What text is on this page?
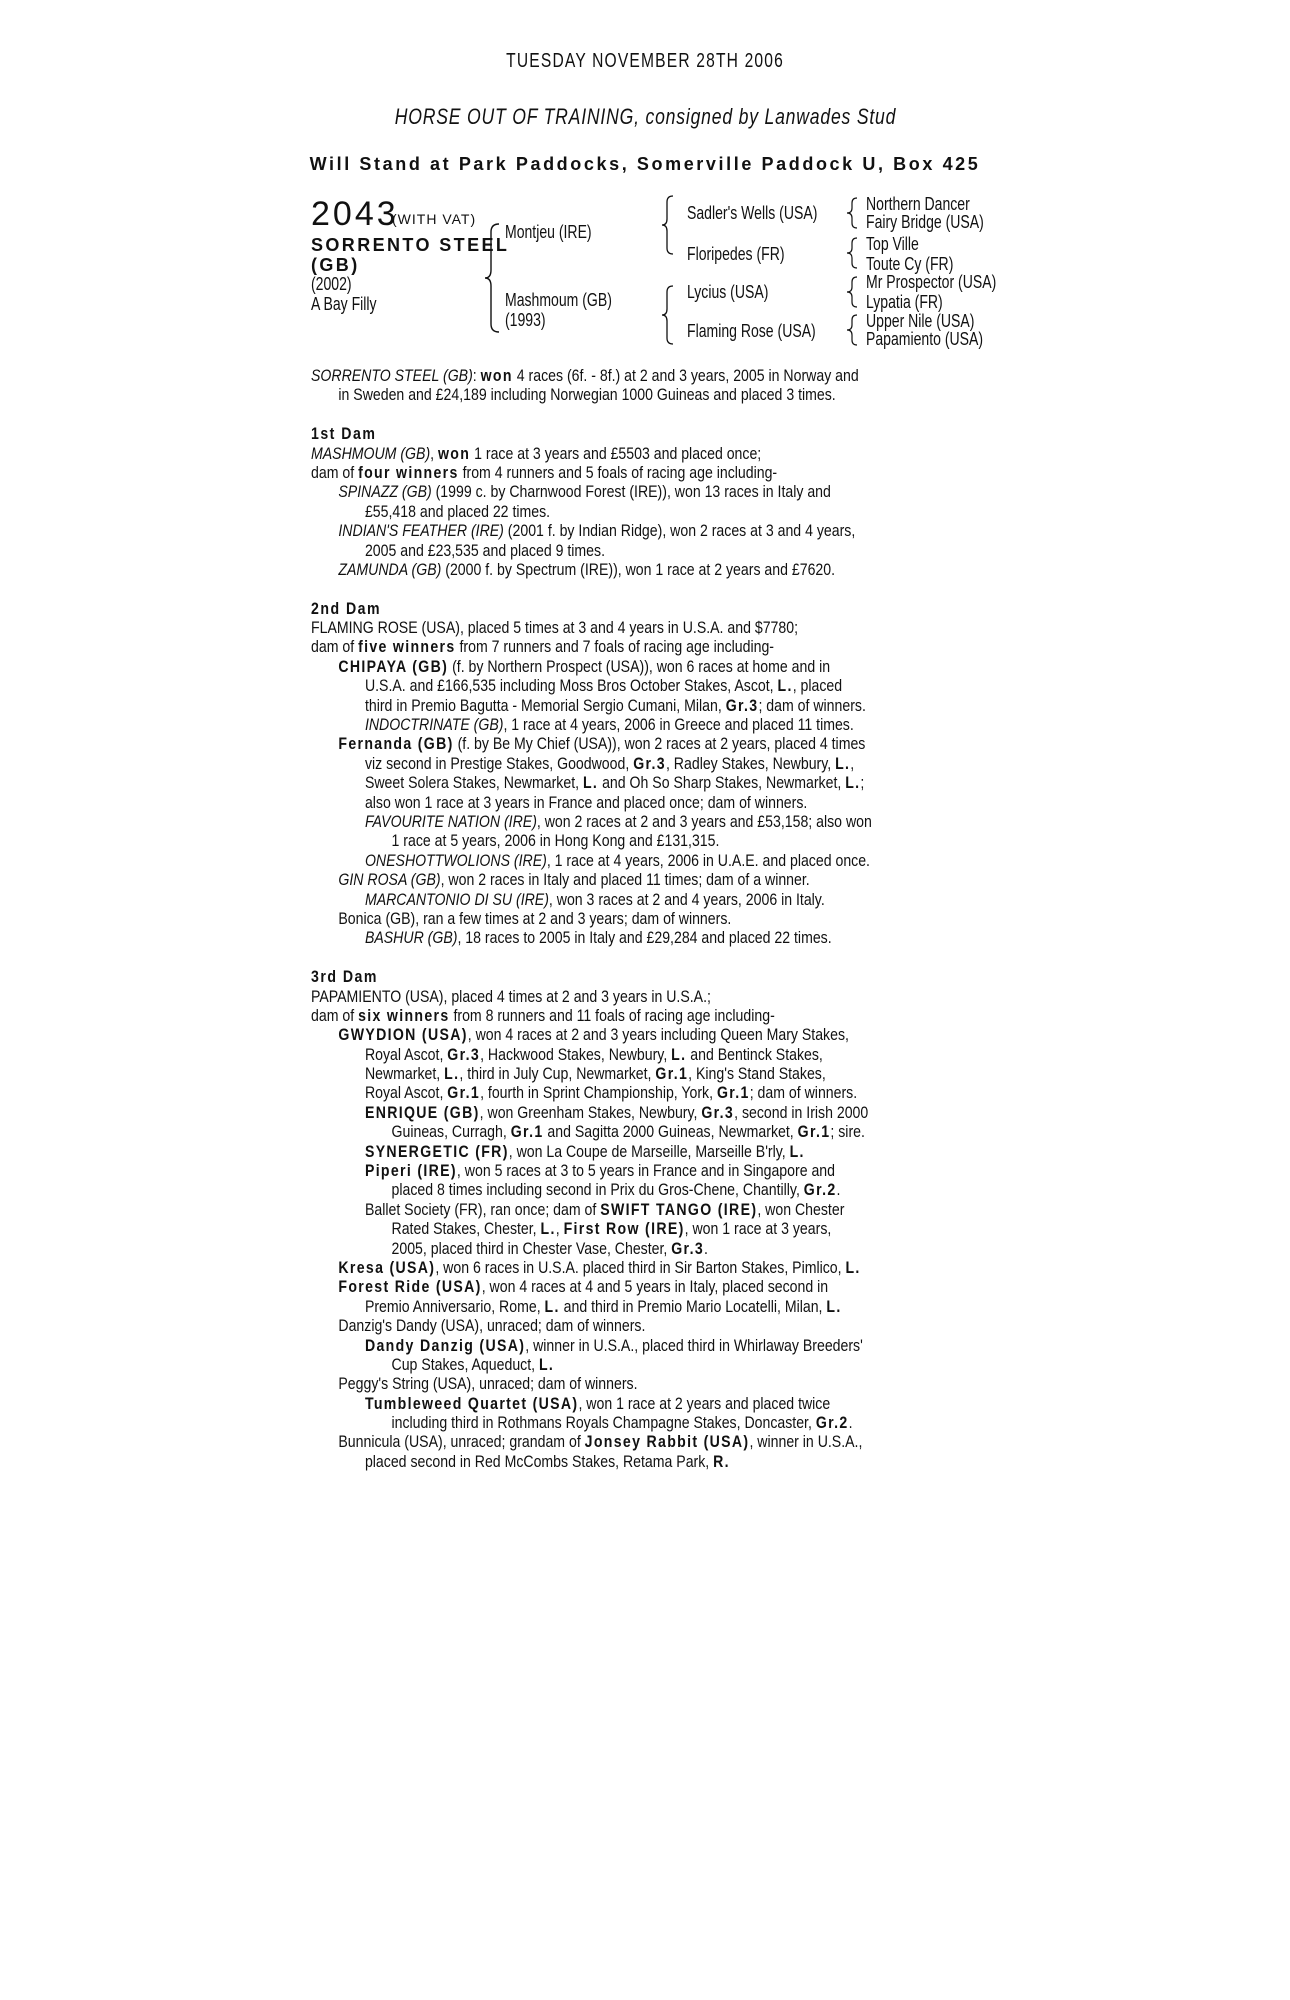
TUESDAY NOVEMBER 28TH 2006
HORSE OUT OF TRAINING, consigned by Lanwades Stud
Will Stand at Park Paddocks, Somerville Paddock U, Box 425
2043
(WITH VAT)
SORRENTO STEEL
(GB)
(2002)
A Bay Filly
Montjeu (IRE)
Mashmoum (GB)
(1993)
Sadler's Wells (USA)
Floripedes (FR)
Lycius (USA)
Flaming Rose (USA)
Northern Dancer
Fairy Bridge (USA)
Top Ville
Toute Cy (FR)
Mr Prospector (USA)
Lypatia (FR)
Upper Nile (USA)
Papamiento (USA)
SORRENTO STEEL (GB): won 4 races (6f. - 8f.) at 2 and 3 years, 2005 in Norway and
in Sweden and £24,189 including Norwegian 1000 Guineas and placed 3 times.
1st Dam
MASHMOUM (GB), won 1 race at 3 years and £5503 and placed once;
dam of four winners from 4 runners and 5 foals of racing age including-
SPINAZZ (GB) (1999 c. by Charnwood Forest (IRE)), won 13 races in Italy and
£55,418 and placed 22 times.
INDIAN'S FEATHER (IRE) (2001 f. by Indian Ridge), won 2 races at 3 and 4 years,
2005 and £23,535 and placed 9 times.
ZAMUNDA (GB) (2000 f. by Spectrum (IRE)), won 1 race at 2 years and £7620.
2nd Dam
FLAMING ROSE (USA), placed 5 times at 3 and 4 years in U.S.A. and $7780;
dam of five winners from 7 runners and 7 foals of racing age including-
CHIPAYA (GB) (f. by Northern Prospect (USA)), won 6 races at home and in
U.S.A. and £166,535 including Moss Bros October Stakes, Ascot, L., placed
third in Premio Bagutta - Memorial Sergio Cumani, Milan, Gr.3; dam of winners.
INDOCTRINATE (GB), 1 race at 4 years, 2006 in Greece and placed 11 times.
Fernanda (GB) (f. by Be My Chief (USA)), won 2 races at 2 years, placed 4 times
viz second in Prestige Stakes, Goodwood, Gr.3, Radley Stakes, Newbury, L.,
Sweet Solera Stakes, Newmarket, L. and Oh So Sharp Stakes, Newmarket, L.;
also won 1 race at 3 years in France and placed once; dam of winners.
FAVOURITE NATION (IRE), won 2 races at 2 and 3 years and £53,158; also won
1 race at 5 years, 2006 in Hong Kong and £131,315.
ONESHOTTWOLIONS (IRE), 1 race at 4 years, 2006 in U.A.E. and placed once.
GIN ROSA (GB), won 2 races in Italy and placed 11 times; dam of a winner.
MARCANTONIO DI SU (IRE), won 3 races at 2 and 4 years, 2006 in Italy.
Bonica (GB), ran a few times at 2 and 3 years; dam of winners.
BASHUR (GB), 18 races to 2005 in Italy and £29,284 and placed 22 times.
3rd Dam
PAPAMIENTO (USA), placed 4 times at 2 and 3 years in U.S.A.;
dam of six winners from 8 runners and 11 foals of racing age including-
GWYDION (USA), won 4 races at 2 and 3 years including Queen Mary Stakes,
Royal Ascot, Gr.3, Hackwood Stakes, Newbury, L. and Bentinck Stakes,
Newmarket, L., third in July Cup, Newmarket, Gr.1, King's Stand Stakes,
Royal Ascot, Gr.1, fourth in Sprint Championship, York, Gr.1; dam of winners.
ENRIQUE (GB), won Greenham Stakes, Newbury, Gr.3, second in Irish 2000
Guineas, Curragh, Gr.1 and Sagitta 2000 Guineas, Newmarket, Gr.1; sire.
SYNERGETIC (FR), won La Coupe de Marseille, Marseille B'rly, L.
Piperi (IRE), won 5 races at 3 to 5 years in France and in Singapore and
placed 8 times including second in Prix du Gros-Chene, Chantilly, Gr.2.
Ballet Society (FR), ran once; dam of SWIFT TANGO (IRE), won Chester
Rated Stakes, Chester, L., First Row (IRE), won 1 race at 3 years,
2005, placed third in Chester Vase, Chester, Gr.3.
Kresa (USA), won 6 races in U.S.A. placed third in Sir Barton Stakes, Pimlico, L.
Forest Ride (USA), won 4 races at 4 and 5 years in Italy, placed second in
Premio Anniversario, Rome, L. and third in Premio Mario Locatelli, Milan, L.
Danzig's Dandy (USA), unraced; dam of winners.
Dandy Danzig (USA), winner in U.S.A., placed third in Whirlaway Breeders'
Cup Stakes, Aqueduct, L.
Peggy's String (USA), unraced; dam of winners.
Tumbleweed Quartet (USA), won 1 race at 2 years and placed twice
including third in Rothmans Royals Champagne Stakes, Doncaster, Gr.2.
Bunnicula (USA), unraced; grandam of Jonsey Rabbit (USA), winner in U.S.A.,
placed second in Red McCombs Stakes, Retama Park, R.
